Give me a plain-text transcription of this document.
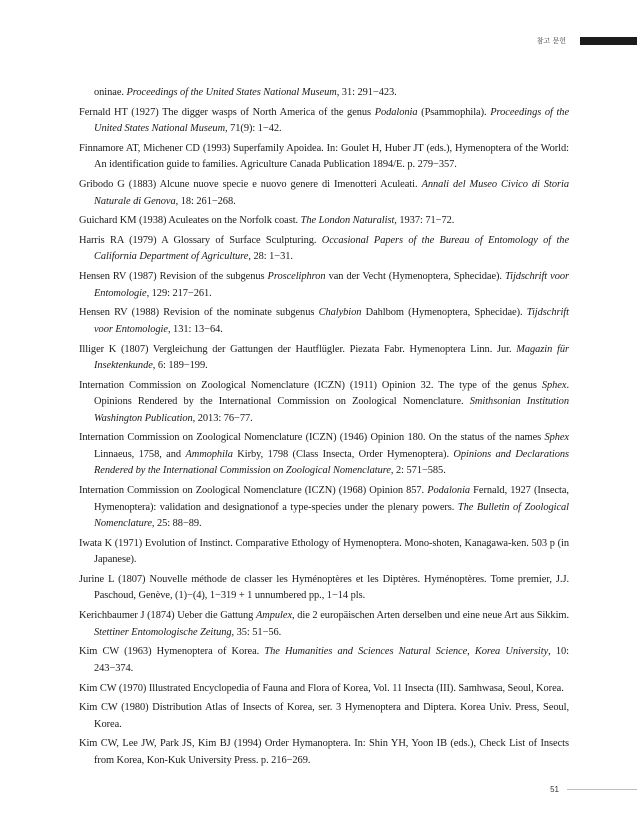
참고 문헌

oninae. Proceedings of the United States National Museum, 31: 291−423.

Fernald HT (1927) The digger wasps of North America of the genus Podalonia (Psammophila). Proceedings of the United States National Museum, 71(9): 1−42.

Finnamore AT, Michener CD (1993) Superfamily Apoidea. In: Goulet H, Huber JT (eds.), Hymenoptera of the World: An identification guide to families. Agriculture Canada Publication 1894/E. p. 279−357.

Gribodo G (1883) Alcune nuove specie e nuovo genere di Imenotteri Aculeati. Annali del Museo Civico di Storia Naturale di Genova, 18: 261−268.

Guichard KM (1938) Aculeates on the Norfolk coast. The London Naturalist, 1937: 71−72.

Harris RA (1979) A Glossary of Surface Sculpturing. Occasional Papers of the Bureau of Entomology of the California Department of Agriculture, 28: 1−31.

Hensen RV (1987) Revision of the subgenus Prosceliphron van der Vecht (Hymenoptera, Sphecidae). Tijdschrift voor Entomologie, 129: 217−261.

Hensen RV (1988) Revision of the nominate subgenus Chalybion Dahlbom (Hymenoptera, Sphecidae). Tijdschrift voor Entomologie, 131: 13−64.

Illiger K (1807) Vergleichung der Gattungen der Hautflügler. Piezata Fabr. Hymenoptera Linn. Jur. Magazin für Insektenkunde, 6: 189−199.

Internation Commission on Zoological Nomenclature (ICZN) (1911) Opinion 32. The type of the genus Sphex. Opinions Rendered by the International Commission on Zoological Nomenclature. Smithsonian Institution Washington Publication, 2013: 76−77.

Internation Commission on Zoological Nomenclature (ICZN) (1946) Opinion 180. On the status of the names Sphex Linnaeus, 1758, and Ammophila Kirby, 1798 (Class Insecta, Order Hymenoptera). Opinions and Declarations Rendered by the International Commission on Zoological Nomenclature, 2: 571−585.

Internation Commission on Zoological Nomenclature (ICZN) (1968) Opinion 857. Podalonia Fernald, 1927 (Insecta, Hymenoptera): validation and designationof a type-species under the plenary powers. The Bulletin of Zoological Nomenclature, 25: 88−89.

Iwata K (1971) Evolution of Instinct. Comparative Ethology of Hymenoptera. Mono-shoten, Kanagawa-ken. 503 p (in Japanese).

Jurine L (1807) Nouvelle méthode de classer les Hyménoptères et les Diptères. Hyménoptères. Tome premier, J.J. Paschoud, Genève, (1)−(4), 1−319 + 1 unnumbered pp., 1−14 pls.

Kerichbaumer J (1874) Ueber die Gattung Ampulex, die 2 europäischen Arten derselben und eine neue Art aus Sikkim. Stettiner Entomologische Zeitung, 35: 51−56.

Kim CW (1963) Hymenoptera of Korea. The Humanities and Sciences Natural Science, Korea University, 10: 243−374.

Kim CW (1970) Illustrated Encyclopedia of Fauna and Flora of Korea, Vol. 11 Insecta (III). Samhwasa, Seoul, Korea.

Kim CW (1980) Distribution Atlas of Insects of Korea, ser. 3 Hymenoptera and Diptera. Korea Univ. Press, Seoul, Korea.

Kim CW, Lee JW, Park JS, Kim BJ (1994) Order Hymanoptera. In: Shin YH, Yoon IB (eds.), Check List of Insects from Korea, Kon-Kuk University Press. p. 216−269.

51
